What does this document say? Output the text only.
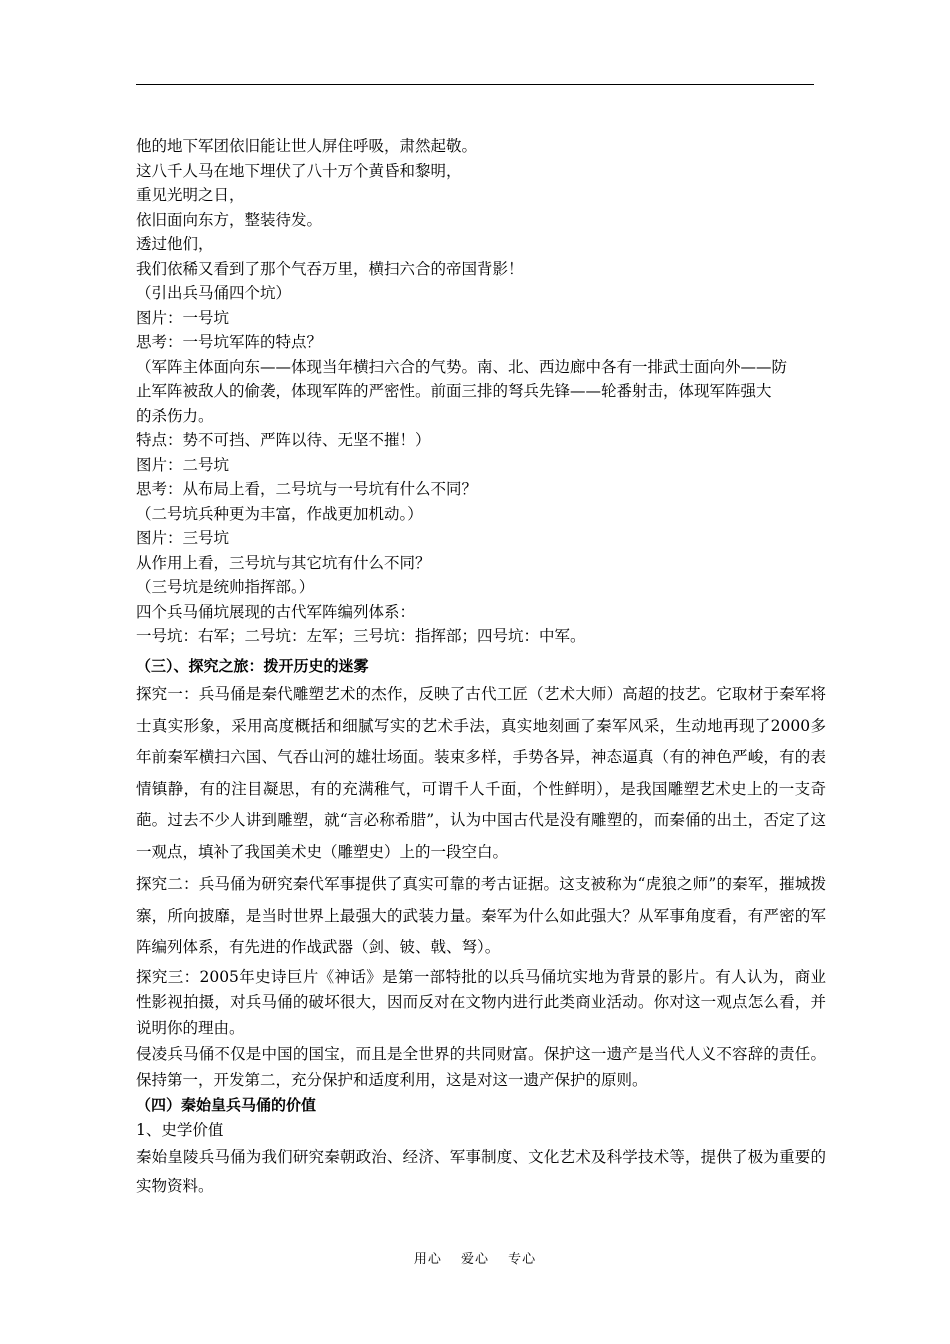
他的地下军团依旧能让世人屏住呼吸，肃然起敬。
这八千人马在地下埋伏了八十万个黄昏和黎明，
重见光明之日，
依旧面向东方，整装待发。
透过他们，
我们依稀又看到了那个气吞万里，横扫六合的帝国背影！
（引出兵马俑四个坑）
图片：一号坑
思考：一号坑军阵的特点？
（军阵主体面向东——体现当年横扫六合的气势。南、北、西边廊中各有一排武士面向外——防
止军阵被敌人的偷袭，体现军阵的严密性。前面三排的弩兵先锋——轮番射击，体现军阵强大
的杀伤力。
特点：势不可挡、严阵以待、无坚不摧！）
图片：二号坑
思考：从布局上看，二号坑与一号坑有什么不同？
（二号坑兵种更为丰富，作战更加机动。）
图片：三号坑
从作用上看，三号坑与其它坑有什么不同？
（三号坑是统帅指挥部。）
四个兵马俑坑展现的古代军阵编列体系：
一号坑：右军；二号坑：左军；三号坑：指挥部；四号坑：中军。
（三）、探究之旅：拨开历史的迷雾
探究一：兵马俑是秦代雕塑艺术的杰作，反映了古代工匠（艺术大师）高超的技艺。它取材于秦军将士真实形象，采用高度概括和细腻写实的艺术手法，真实地刻画了秦军风采，生动地再现了2000多年前秦军横扫六国、气吞山河的雄壮场面。装束多样，手势各异，神态逼真（有的神色严峻，有的表情镇静，有的注目凝思，有的充满稚气，可谓千人千面，个性鲜明），是我国雕塑艺术史上的一支奇葩。过去不少人讲到雕塑，就“言必称希腊”，认为中国古代是没有雕塑的，而秦俑的出土，否定了这一观点，填补了我国美术史（雕塑史）上的一段空白。
探究二：兵马俑为研究秦代军事提供了真实可靠的考古证据。这支被称为“虎狼之师”的秦军，摧城拨寨，所向披靡，是当时世界上最强大的武装力量。秦军为什么如此强大？从军事角度看，有严密的军阵编列体系，有先进的作战武器（剑、铍、戟、弩）。
探究三：2005年史诗巨片《神话》是第一部特批的以兵马俑坑实地为背景的影片。有人认为，商业性影视拍摄，对兵马俑的破坏很大，因而反对在文物内进行此类商业活动。你对这一观点怎么看，并说明你的理由。
侵凌兵马俑不仅是中国的国宝，而且是全世界的共同财富。保护这一遗产是当代人义不容辞的责任。保持第一，开发第二，充分保护和适度利用，这是对这一遗产保护的原则。
（四）秦始皇兵马俑的价值
1、史学价值
秦始皇陵兵马俑为我们研究秦朝政治、经济、军事制度、文化艺术及科学技术等，提供了极为重要的实物资料。
用心 爱心 专心
